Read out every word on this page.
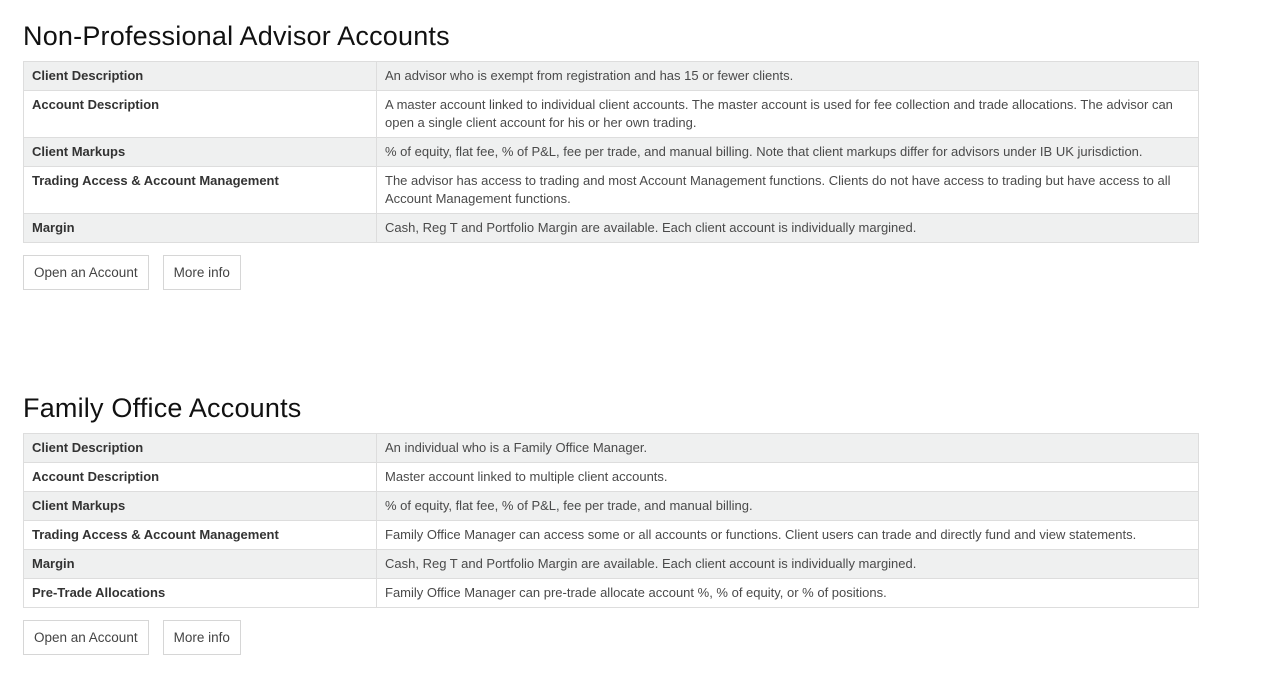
Non-Professional Advisor Accounts
Client Description	An advisor who is exempt from registration and has 15 or fewer clients.
Account Description	A master account linked to individual client accounts. The master account is used for fee collection and trade allocations. The advisor can open a single client account for his or her own trading.
Client Markups	% of equity, flat fee, % of P&L, fee per trade, and manual billing. Note that client markups differ for advisors under IB UK jurisdiction.
Trading Access & Account Management	The advisor has access to trading and most Account Management functions. Clients do not have access to trading but have access to all Account Management functions.
Margin	Cash, Reg T and Portfolio Margin are available. Each client account is individually margined.
Open an Account	More info
Family Office Accounts
Client Description	An individual who is a Family Office Manager.
Account Description	Master account linked to multiple client accounts.
Client Markups	% of equity, flat fee, % of P&L, fee per trade, and manual billing.
Trading Access & Account Management	Family Office Manager can access some or all accounts or functions. Client users can trade and directly fund and view statements.
Margin	Cash, Reg T and Portfolio Margin are available. Each client account is individually margined.
Pre-Trade Allocations	Family Office Manager can pre-trade allocate account %, % of equity, or % of positions.
Open an Account	More info
